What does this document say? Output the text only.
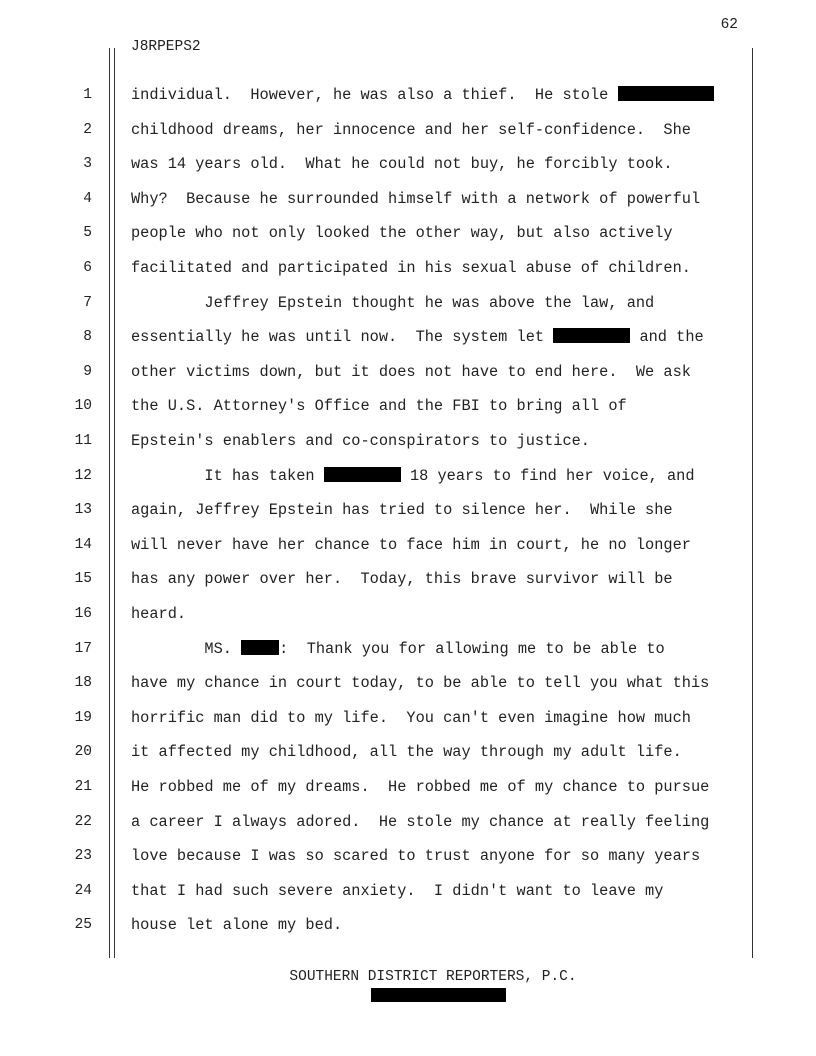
62
J8RPEPS2
1	individual.  However, he was also a thief.  He stole
2	childhood dreams, her innocence and her self-confidence.  She
3	was 14 years old.  What he could not buy, he forcibly took.
4	Why?  Because he surrounded himself with a network of powerful
5	people who not only looked the other way, but also actively
6	facilitated and participated in his sexual abuse of children.
7	Jeffrey Epstein thought he was above the law, and
8	essentially he was until now.  The system let	and the
9	other victims down, but it does not have to end here.  We ask
10	the U.S. Attorney's Office and the FBI to bring all of
11	Epstein's enablers and co-conspirators to justice.
12	It has taken	18 years to find her voice, and
13	again, Jeffrey Epstein has tried to silence her.  While she
14	will never have her chance to face him in court, he no longer
15	has any power over her.  Today, this brave survivor will be
16	heard.
17	MS. :  Thank you for allowing me to be able to
18	have my chance in court today, to be able to tell you what this
19	horrific man did to my life.  You can't even imagine how much
20	it affected my childhood, all the way through my adult life.
21	He robbed me of my dreams.  He robbed me of my chance to pursue
22	a career I always adored.  He stole my chance at really feeling
23	love because I was so scared to trust anyone for so many years
24	that I had such severe anxiety.  I didn't want to leave my
25	house let alone my bed.
SOUTHERN DISTRICT REPORTERS, P.C.
